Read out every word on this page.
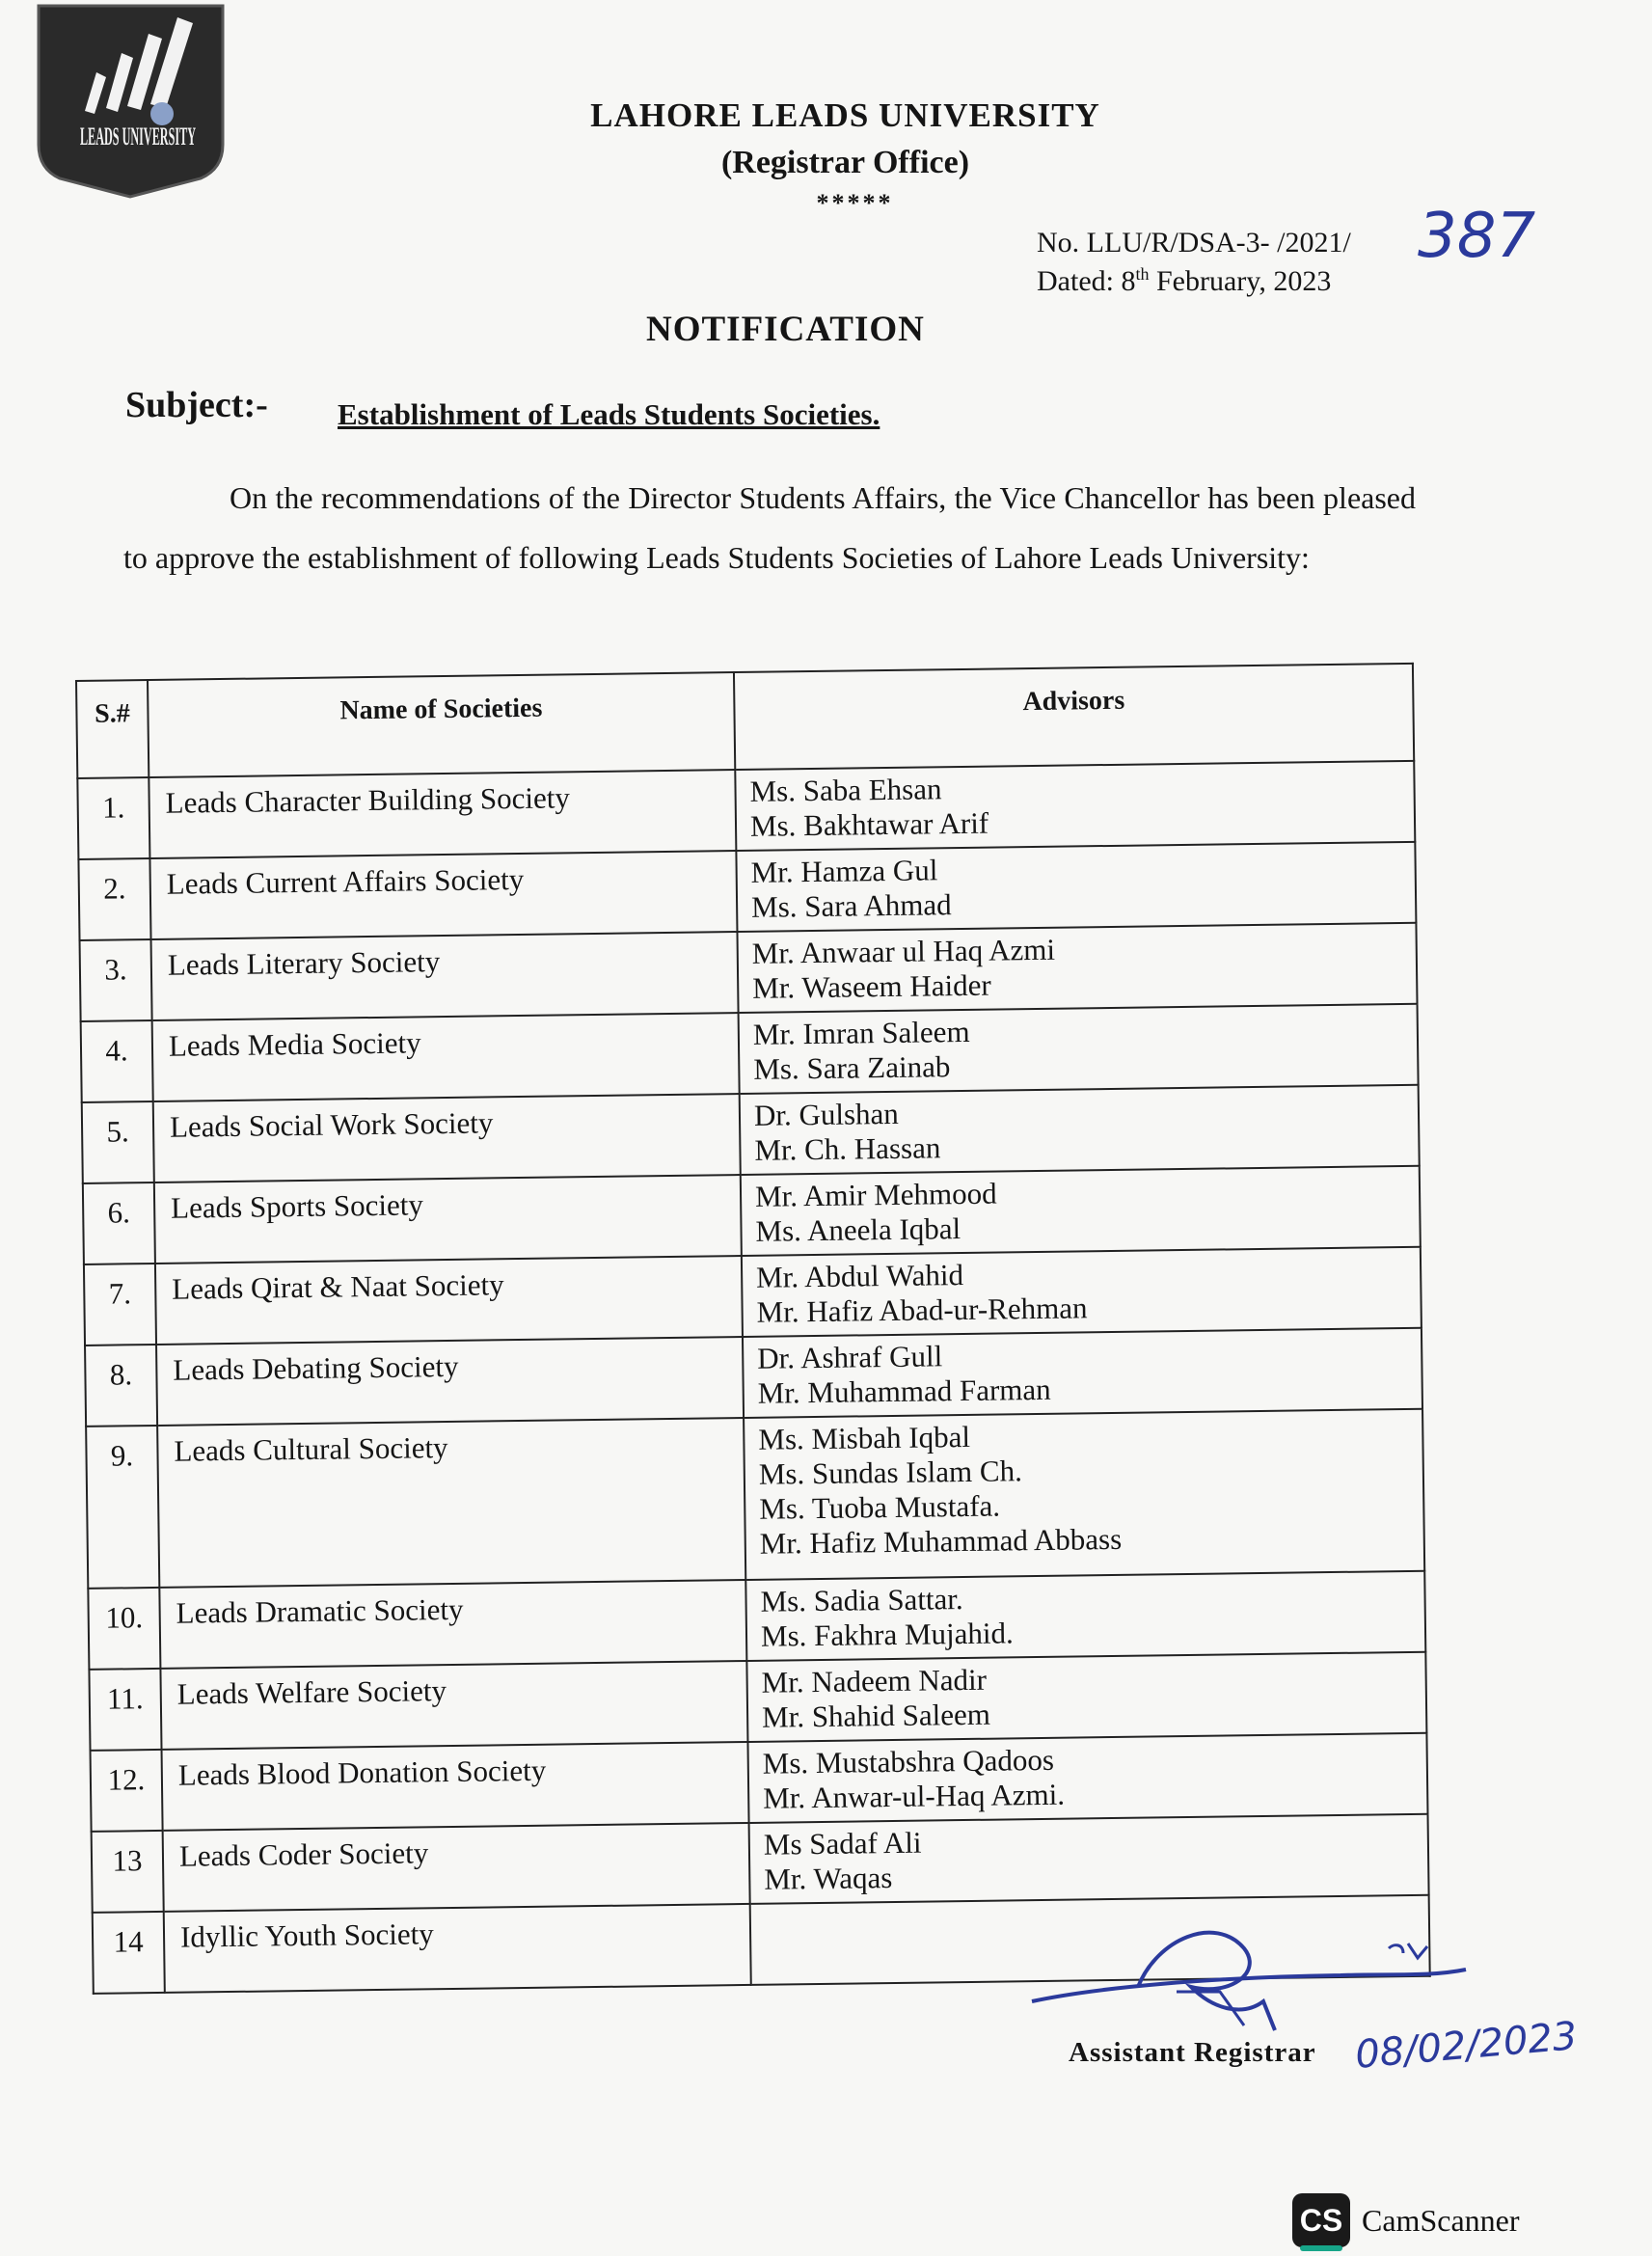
LEADS UNIVERSITY
LAHORE LEADS UNIVERSITY
(Registrar Office)
*****
No. LLU/R/DSA-3- /2021/ 387
Dated: 8th February, 2023
NOTIFICATION
Subject:- Establishment of Leads Students Societies.
On the recommendations of the Director Students Affairs, the Vice Chancellor has been pleased to approve the establishment of following Leads Students Societies of Lahore Leads University:
S.#	Name of Societies	Advisors
1.	Leads Character Building Society	Ms. Saba Ehsan
Ms. Bakhtawar Arif

2.	Leads Current Affairs Society	Mr. Hamza Gul
Ms. Sara Ahmad

3.	Leads Literary Society	Mr. Anwaar ul Haq Azmi
Mr. Waseem Haider

4.	Leads Media Society	Mr. Imran Saleem
Ms. Sara Zainab

5.	Leads Social Work Society	Dr. Gulshan
Mr. Ch. Hassan

6.	Leads Sports Society	Mr. Amir Mehmood
Ms. Aneela Iqbal

7.	Leads Qirat & Naat Society	Mr. Abdul Wahid
Mr. Hafiz Abad-ur-Rehman

8.	Leads Debating Society	Dr. Ashraf Gull
Mr. Muhammad Farman

9.	Leads Cultural Society	Ms. Misbah Iqbal
Ms. Sundas Islam Ch.
Ms. Tuoba Mustafa.
Mr. Hafiz Muhammad Abbass

10.	Leads Dramatic Society	Ms. Sadia Sattar.
Ms. Fakhra Mujahid.

11.	Leads Welfare Society	Mr. Nadeem Nadir
Mr. Shahid Saleem

12.	Leads Blood Donation Society	Ms. Mustabshra Qadoos
Mr. Anwar-ul-Haq Azmi.

13	Leads Coder Society	Ms Sadaf Ali
Mr. Waqas

14	Idyllic Youth Society	
Assistant Registrar 08/02/2023
CS CamScanner
